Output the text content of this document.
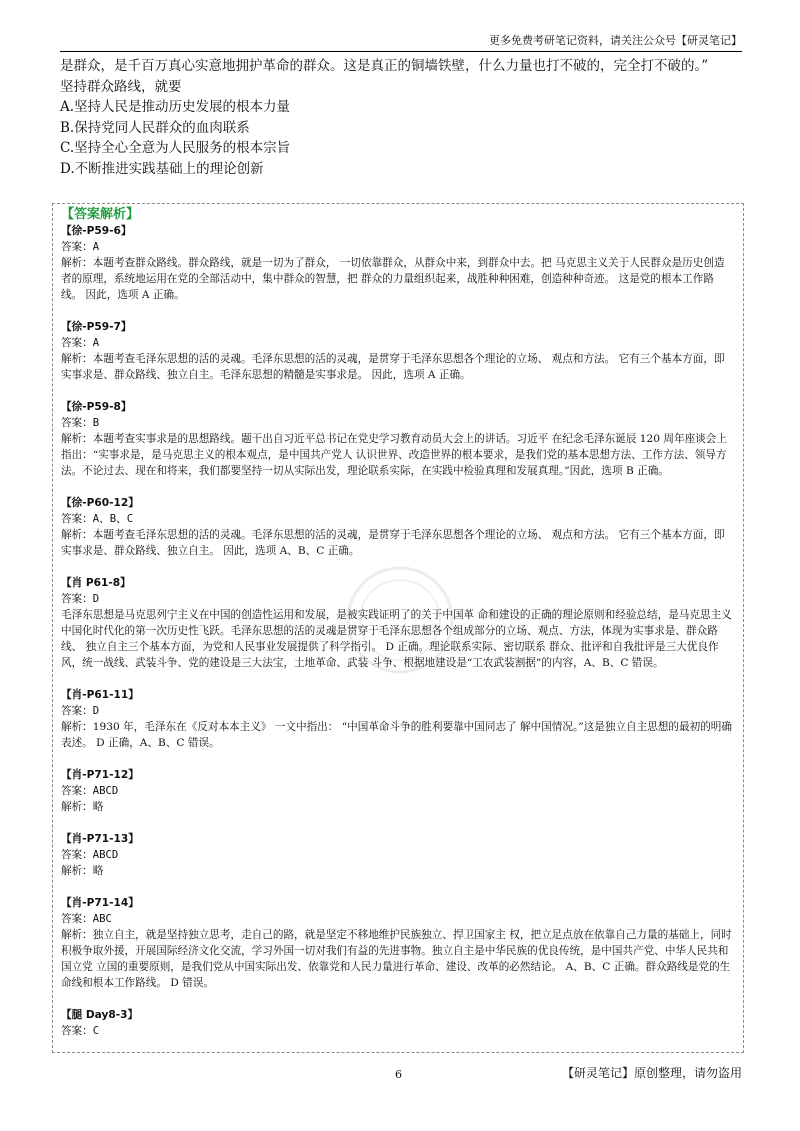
更多免费考研笔记资料，请关注公众号【研灵笔记】

是群众，是千百万真心实意地拥护革命的群众。这是真正的铜墙铁壁，什么力量也打不破的，完全打不破的。”

坚持群众路线，就要

A.坚持人民是推动历史发展的根本力量

B.保持党同人民群众的血肉联系

C.坚持全心全意为人民服务的根本宗旨

D.不断推进实践基础上的理论创新

【答案解析】

【徐-P59-6】

答案：A

解析：本题考查群众路线。群众路线，就是一切为了群众， 一切依靠群众，从群众中来，到群众中去。把 马克思主义关于人民群众是历史创造者的原理，系统地运用在党的全部活动中，集中群众的智慧，把 群众的力量组织起来，战胜种种困难，创造种种奇迹。 这是党的根本工作路线。 因此，选项 A 正确。

【徐-P59-7】

答案：A

解析：本题考查毛泽东思想的活的灵魂。毛泽东思想的活的灵魂，是贯穿于毛泽东思想各个理论的立场、 观点和方法。 它有三个基本方面，即实事求是、群众路线、独立自主。毛泽东思想的精髓是实事求是。 因此，选项 A 正确。

【徐-P59-8】

答案：B

解析：本题考查实事求是的思想路线。题干出自习近平总书记在党史学习教育动员大会上的讲话。习近平 在纪念毛泽东诞辰 120 周年座谈会上指出：“实事求是，是马克思主义的根本观点，是中国共产党人 认识世界、改造世界的根本要求，是我们党的基本思想方法、工作方法、领导方法。不论过去、现在和将来，我们都要坚持一切从实际出发，理论联系实际，在实践中检验真理和发展真理。”因此，选项 B 正确。

【徐-P60-12】

答案：A、B、C

解析：本题考查毛泽东思想的活的灵魂。毛泽东思想的活的灵魂，是贯穿于毛泽东思想各个理论的立场、 观点和方法。 它有三个基本方面，即实事求是、群众路线、独立自主。 因此，选项 A、B、C 正确。

【肖 P61-8】

答案：D

毛泽东思想是马克思列宁主义在中国的创造性运用和发展，是被实践证明了的关于中国革 命和建设的正确的理论原则和经验总结，是马克思主义中国化时代化的第一次历史性飞跃。毛泽东思想的活的灵魂是贯穿于毛泽东思想各个组成部分的立场、观点、方法，体现为实事求是、群众路线、 独立自主三个基本方面，为党和人民事业发展提供了科学指引。 D 正确。理论联系实际、密切联系 群众、批评和自我批评是三大优良作风，统一战线、武装斗争、党的建设是三大法宝，土地革命、武装 斗争、根据地建设是“工农武装割据”的内容，A、B、C 错误。

【肖-P61-11】

答案：D

解析：1930 年，毛泽东在《反对本本主义》 一文中指出： “中国革命斗争的胜利要靠中国同志了 解中国情况。”这是独立自主思想的最初的明确表述。 D 正确，A、B、C 错误。

【肖-P71-12】

答案：ABCD

解析：略

【肖-P71-13】

答案：ABCD

解析：略

【肖-P71-14】

答案：ABC

解析：独立自主，就是坚持独立思考，走自己的路，就是坚定不移地维护民族独立、捍卫国家主 权，把立足点放在依靠自己力量的基础上，同时积极争取外援，开展国际经济文化交流，学习外国一切对我们有益的先进事物。独立自主是中华民族的优良传统，是中国共产党、中华人民共和国立党 立国的重要原则，是我们党从中国实际出发、依靠党和人民力量进行革命、建设、改革的必然结论。 A、B、C 正确。群众路线是党的生命线和根本工作路线。 D 错误。

【腿 Day8-3】

答案：C

6	【研灵笔记】原创整理，请勿盗用
